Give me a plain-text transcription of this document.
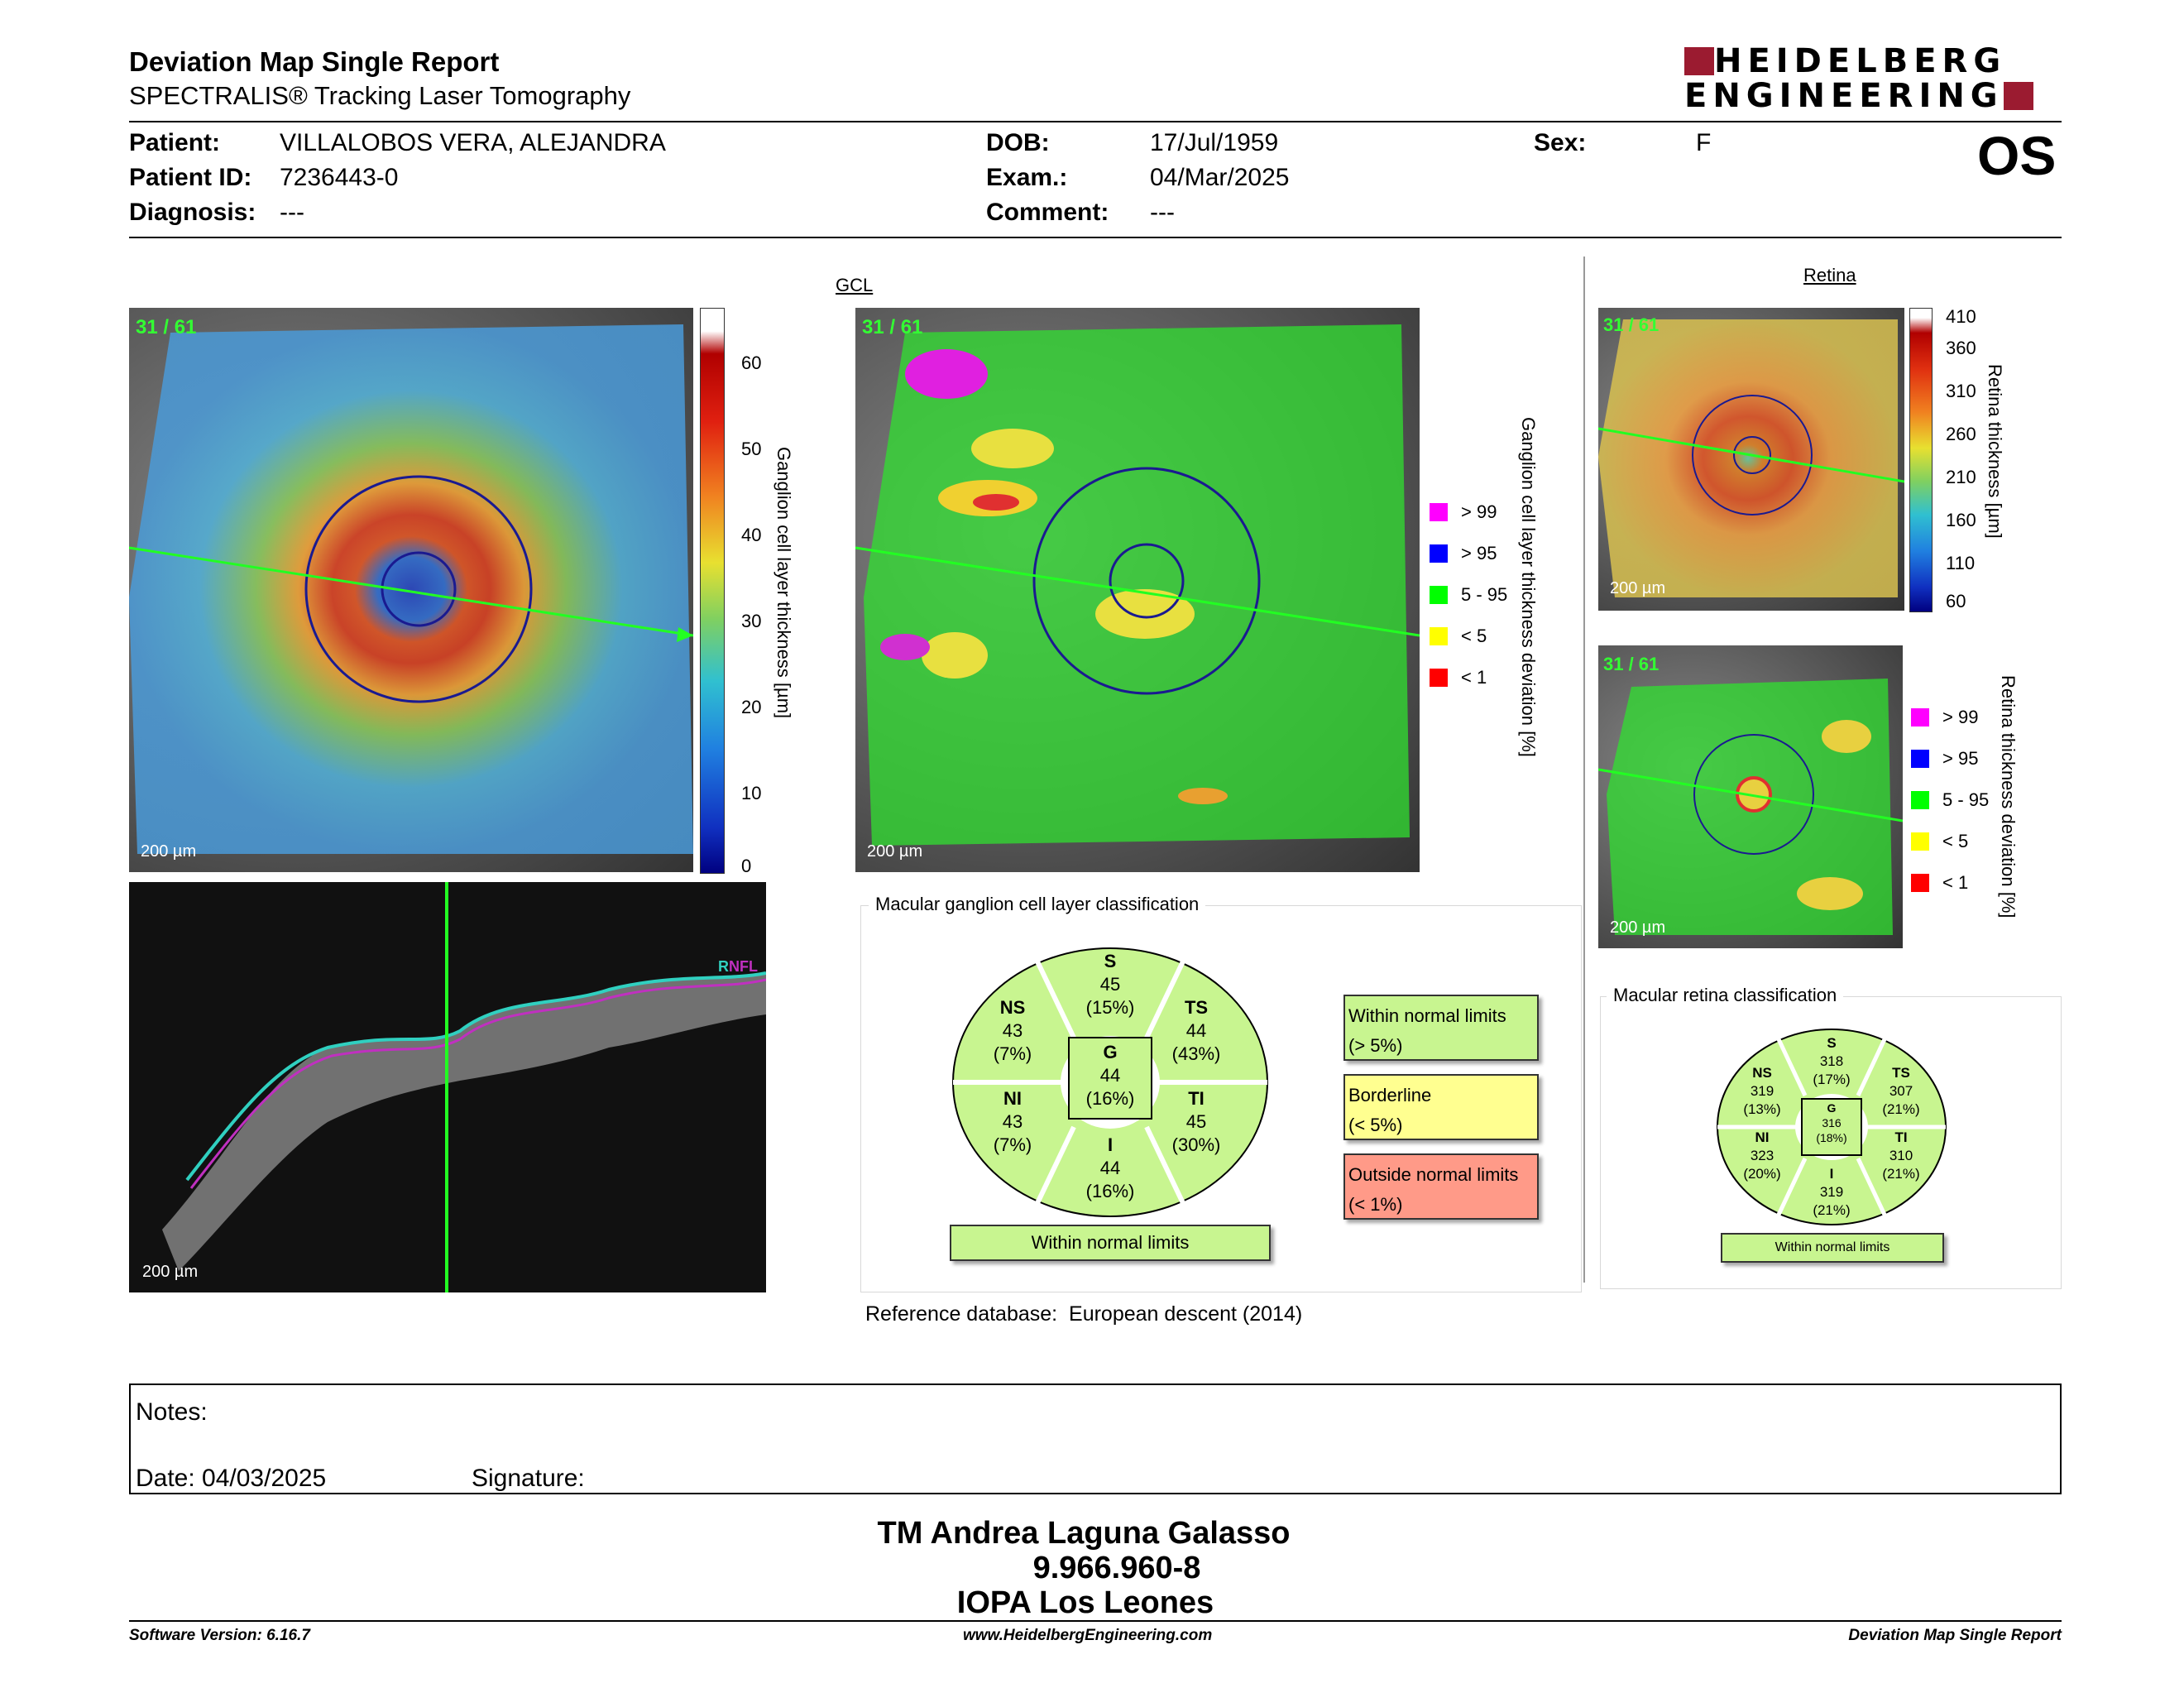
Deviation Map Single Report
SPECTRALIS® Tracking Laser Tomography
HEIDELBERG
ENGINEERING
Patient: VILLALOBOS VERA, ALEJANDRA
Patient ID: 7236443-0
Diagnosis: ---
DOB:	17/Jul/1959
Exam.:	04/Mar/2025
Comment: ---
Sex:	F	OS
GCL
31 / 61
200 µm
60
50
40
30
20
10
0
Ganglion cell layer thickness [µm]
31 / 61
200 µm
> 99
> 95
5 - 95
< 5
< 1 Ganglion cell layer thickness deviation [%]
RNFL
200 µm
Macular ganglion cell layer classification
S
45
(15%)
NS
43
(7%)
TS
44
(43%)
G
44
(16%)
NI
43
(7%)
TI
45
(30%)
I
44
(16%)
Within normal limits
Within normal limits
(> 5%)
Borderline
(< 5%)
Outside normal limits
(< 1%)
Reference database: European descent (2014)
Retina
31 / 61
200 µm
410
360
310
260
210
160
110
60
Retina thickness [µm]
31 / 61
200 µm
> 99
> 95
5 - 95
< 5
< 1 Retina thickness deviation [%]
Macular retina classification
S
318
(17%)
NS
319
(13%)
TS
307
(21%)
G
316
(18%)
NI
323
(20%)
TI
310
(21%)
I
319
(21%)
Within normal limits
Notes:
Date: 04/03/2025	Signature:
TM Andrea Laguna Galasso
9.966.960-8
IOPA Los Leones
Software Version: 6.16.7	www.HeidelbergEngineering.com	Deviation Map Single Report
